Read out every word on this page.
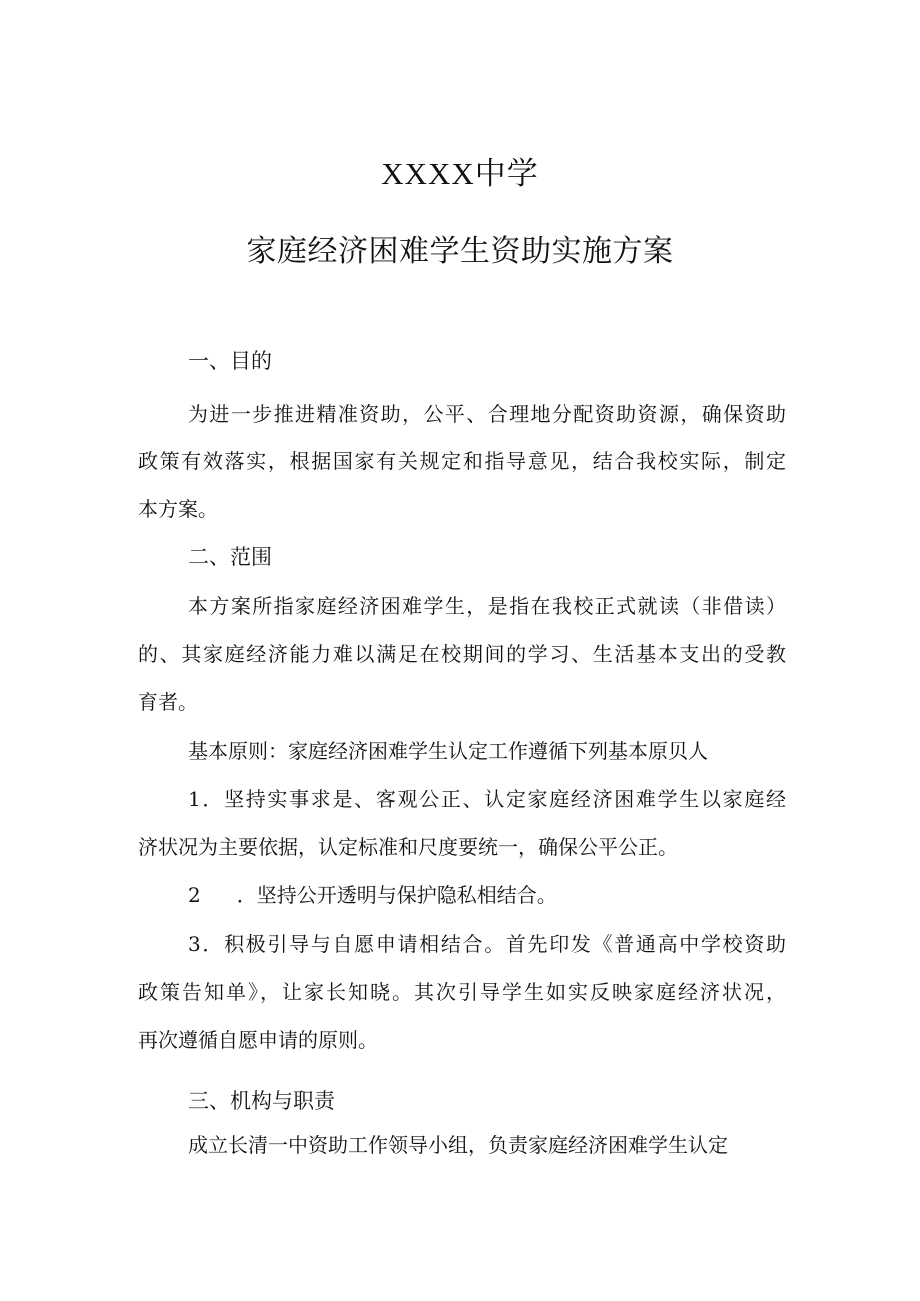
XXXX中学
家庭经济困难学生资助实施方案
一、目的
为进一步推进精准资助，公平、合理地分配资助资源，确保资助
政策有效落实，根据国家有关规定和指导意见，结合我校实际，制定
本方案。
二、范围
本方案所指家庭经济困难学生，是指在我校正式就读（非借读）
的、其家庭经济能力难以满足在校期间的学习、生活基本支出的受教
育者。
基本原则：家庭经济困难学生认定工作遵循下列基本原贝人
1．坚持实事求是、客观公正、认定家庭经济困难学生以家庭经
济状况为主要依据，认定标准和尺度要统一，确保公平公正。
2 ．坚持公开透明与保护隐私相结合。
3．积极引导与自愿申请相结合。首先印发《普通高中学校资助
政策告知单》，让家长知晓。其次引导学生如实反映家庭经济状况，
再次遵循自愿申请的原则。
三、机构与职责
成立长清一中资助工作领导小组，负责家庭经济困难学生认定
